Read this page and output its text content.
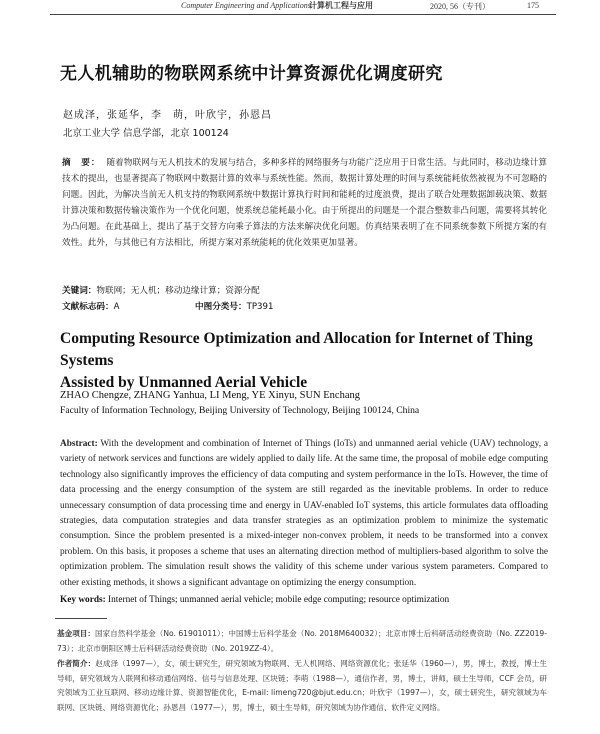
Computer Engineering and Applications
计算机工程与应用	2020, 56（专刊）	175
无人机辅助的物联网系统中计算资源优化调度研究
赵成泽，张延华，李　萌，叶欣宇，孙恩昌
北京工业大学 信息学部，北京 100124
摘　要： 随着物联网与无人机技术的发展与结合，多种多样的网络服务与功能广泛应用于日常生活。与此同时，移动边缘计算技术的提出，也显著提高了物联网中数据计算的效率与系统性能。然而，数据计算处理的时间与系统能耗依然被视为不可忽略的问题。因此，为解决当前无人机支持的物联网系统中数据计算执行时间和能耗的过度浪费，提出了联合处理数据卸载决策、数据计算决策和数据传输决策作为一个优化问题，使系统总能耗最小化。由于所提出的问题是一个混合整数非凸问题，需要将其转化为凸问题。在此基础上，提出了基于交替方向乘子算法的方法来解决优化问题。仿真结果表明了在不同系统参数下所提方案的有效性。此外，与其他已有方法相比，所提方案对系统能耗的优化效果更加显著。
关键词：物联网；无人机；移动边缘计算；资源分配
文献标志码：A	中图分类号：TP391
Computing Resource Optimization and Allocation for Internet of Thing Systems
Assisted by Unmanned Aerial Vehicle
ZHAO Chengze, ZHANG Yanhua, LI Meng, YE Xinyu, SUN Enchang
Faculty of Information Technology, Beijing University of Technology, Beijing 100124, China
Abstract: With the development and combination of Internet of Things (IoTs) and unmanned aerial vehicle (UAV) technology, a variety of network services and functions are widely applied to daily life. At the same time, the proposal of mobile edge computing technology also significantly improves the efficiency of data computing and system performance in the IoTs. However, the time of data processing and the energy consumption of the system are still regarded as the inevitable problems. In order to reduce unnecessary consumption of data processing time and energy in UAV-enabled IoT systems, this article formulates data offloading strategies, data computation strategies and data transfer strategies as an optimization problem to minimize the systematic consumption. Since the problem presented is a mixed-integer non-convex problem, it needs to be transformed into a convex problem. On this basis, it proposes a scheme that uses an alternating direction method of multipliers-based algorithm to solve the optimization problem. The simulation result shows the validity of this scheme under various system parameters. Compared to other existing methods, it shows a significant advantage on optimizing the energy consumption.
Key words: Internet of Things; unmanned aerial vehicle; mobile edge computing; resource optimization
基金项目：国家自然科学基金（No. 61901011）；中国博士后科学基金（No. 2018M640032）；北京市博士后科研活动经费资助（No. ZZ2019-73）；北京市朝阳区博士后科研活动经费资助（No. 2019ZZ-4）。
作者简介：赵成泽（1997—），女，硕士研究生，研究领域为物联网、无人机网络、网络资源优化；张延华（1960—），男，博士，教授，博士生导师，研究领域为人联网和移动通信网络、信号与信息处理、区块链；李萌（1988—），通信作者，男，博士，讲师，硕士生导师，CCF 会员，研究领域为工业互联网、移动边缘计算、资源智能优化，E-mail: limeng720@bjut.edu.cn；叶欣宇（1997—），女，硕士研究生，研究领域为车联网、区块链、网络资源优化；孙恩昌（1977—），男，博士，硕士生导师，研究领域为协作通信、软件定义网络。
